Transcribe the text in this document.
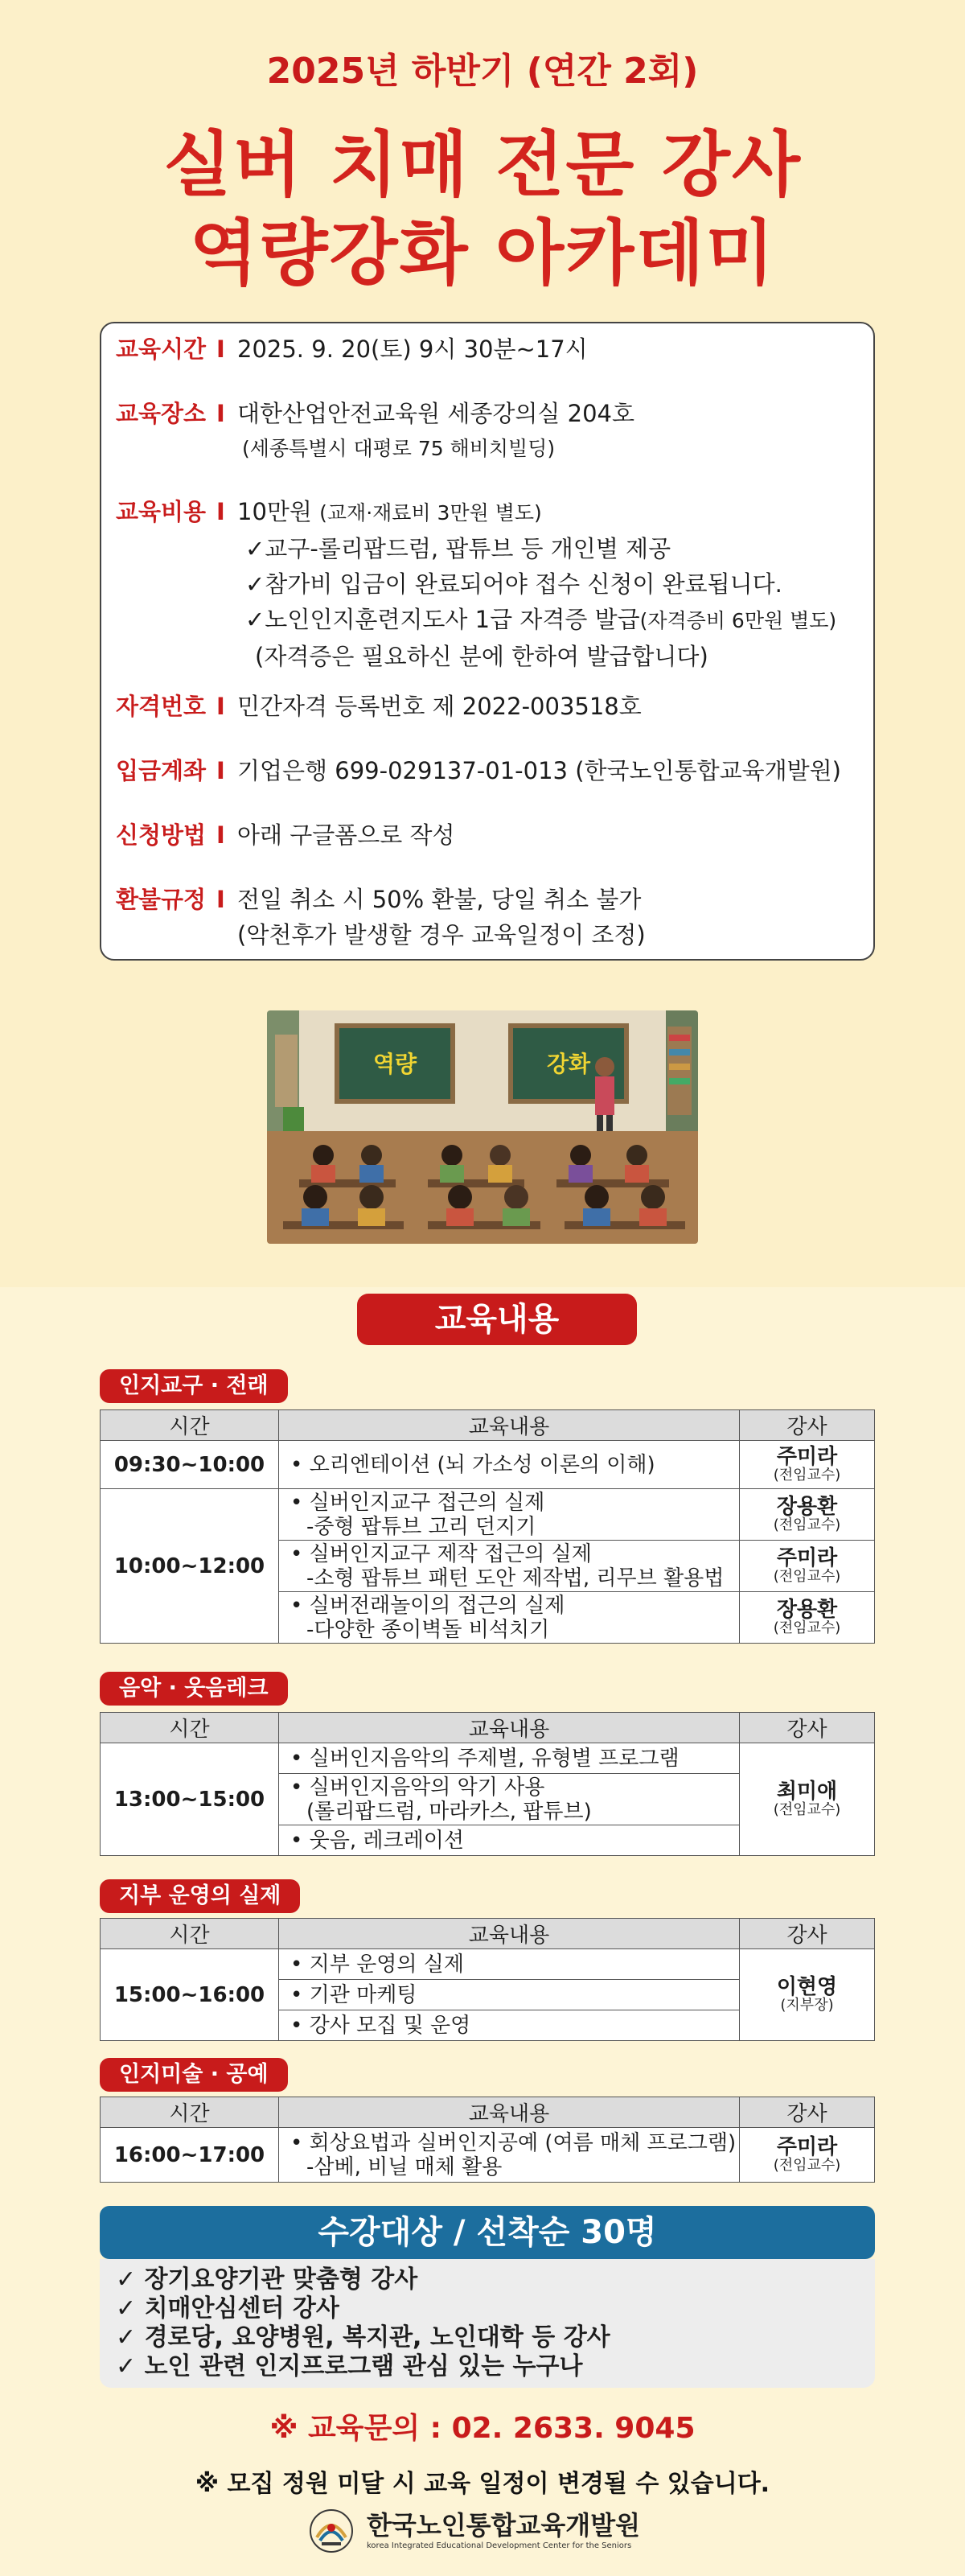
2025년 하반기 (연간 2회)
실버 치매 전문 강사
역량강화 아카데미
교육시간 I 2025. 9. 20(토) 9시 30분~17시
교육장소 I 대한산업안전교육원 세종강의실 204호
(세종특별시 대평로 75 해비치빌딩)
교육비용 I 10만원 (교재·재료비 3만원 별도)
✓교구-롤리팝드럼, 팝튜브 등 개인별 제공
✓참가비 입금이 완료되어야 접수 신청이 완료됩니다.
✓노인인지훈련지도사 1급 자격증 발급(자격증비 6만원 별도)
(자격증은 필요하신 분에 한하여 발급합니다)
자격번호 I 민간자격 등록번호 제 2022-003518호
입금계좌 I 기업은행 699-029137-01-013 (한국노인통합교육개발원)
신청방법 I 아래 구글폼으로 작성
환불규정 I 전일 취소 시 50% 환불, 당일 취소 불가
(악천후가 발생할 경우 교육일정이 조정)
역량	강화
교육내용
인지교구 · 전래
시간	교육내용	강사
09:30~10:00	• 오리엔테이션 (뇌 가소성 이론의 이해)	주미라
(전임교수)

10:00~12:00	• 실버인지교구 접근의 실제
-중형 팝튜브 고리 던지기	장용환
(전임교수)

	• 실버인지교구 제작 접근의 실제
-소형 팝튜브 패턴 도안 제작법, 리무브 활용법	주미라
(전임교수)

	• 실버전래놀이의 접근의 실제
-다양한 종이벽돌 비석치기	장용환
(전임교수)
음악 · 웃음레크
시간	교육내용	강사
13:00~15:00	• 실버인지음악의 주제별, 유형별 프로그램	최미애
(전임교수)

	• 실버인지음악의 악기 사용
(롤리팝드럼, 마라카스, 팝튜브)	

	• 웃음, 레크레이션	
지부 운영의 실제
시간	교육내용	강사
15:00~16:00	• 지부 운영의 실제	이현영
(지부장)

	• 기관 마케팅	
	• 강사 모집 및 운영	
인지미술 · 공예
시간	교육내용	강사
16:00~17:00	• 회상요법과 실버인지공예 (여름 매체 프로그램)
-삼베, 비닐 매체 활용	주미라
(전임교수)
수강대상 / 선착순 30명
✓ 장기요양기관 맞춤형 강사
✓ 치매안심센터 강사
✓ 경로당, 요양병원, 복지관, 노인대학 등 강사
✓ 노인 관련 인지프로그램 관심 있는 누구나
※ 교육문의 : 02. 2633. 9045
※ 모집 정원 미달 시 교육 일정이 변경될 수 있습니다.
한국노인통합교육개발원
korea Integrated Educational Development Center for the Seniors
